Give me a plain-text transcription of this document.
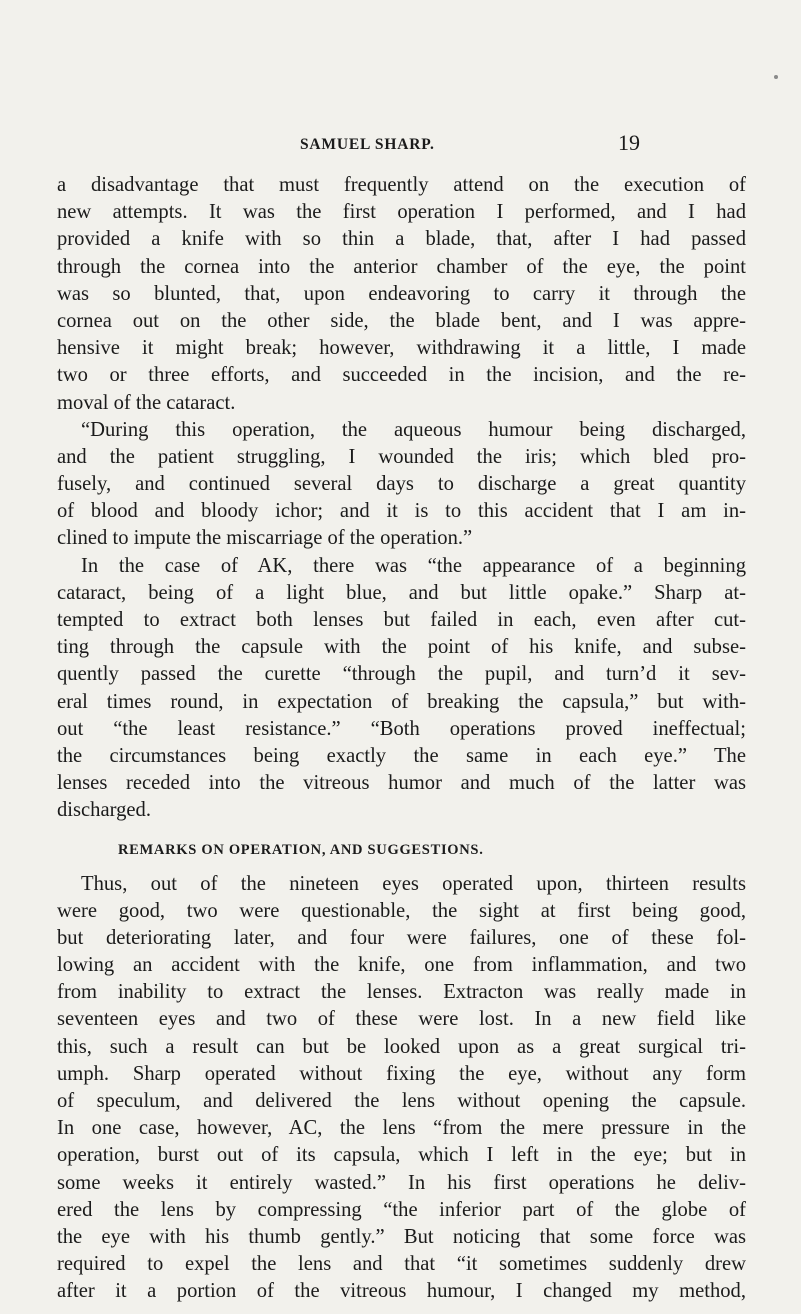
SAMUEL SHARP.	19
a disadvantage that must frequently attend on the execution of
new attempts. It was the first operation I performed, and I had
provided a knife with so thin a blade, that, after I had passed
through the cornea into the anterior chamber of the eye, the point
was so blunted, that, upon endeavoring to carry it through the
cornea out on the other side, the blade bent, and I was appre-
hensive it might break; however, withdrawing it a little, I made
two or three efforts, and succeeded in the incision, and the re-
moval of the cataract.
“During this operation, the aqueous humour being discharged,
and the patient struggling, I wounded the iris; which bled pro-
fusely, and continued several days to discharge a great quantity
of blood and bloody ichor; and it is to this accident that I am in-
clined to impute the miscarriage of the operation.”
In the case of AK, there was “the appearance of a beginning
cataract, being of a light blue, and but little opake.” Sharp at-
tempted to extract both lenses but failed in each, even after cut-
ting through the capsule with the point of his knife, and subse-
quently passed the curette “through the pupil, and turn’d it sev-
eral times round, in expectation of breaking the capsula,” but with-
out “the least resistance.” “Both operations proved ineffectual;
the circumstances being exactly the same in each eye.” The
lenses receded into the vitreous humor and much of the latter was
discharged.
REMARKS ON OPERATION, AND SUGGESTIONS.
Thus, out of the nineteen eyes operated upon, thirteen results
were good, two were questionable, the sight at first being good,
but deteriorating later, and four were failures, one of these fol-
lowing an accident with the knife, one from inflammation, and two
from inability to extract the lenses. Extracton was really made in
seventeen eyes and two of these were lost. In a new field like
this, such a result can but be looked upon as a great surgical tri-
umph. Sharp operated without fixing the eye, without any form
of speculum, and delivered the lens without opening the capsule.
In one case, however, AC, the lens “from the mere pressure in the
operation, burst out of its capsula, which I left in the eye; but in
some weeks it entirely wasted.” In his first operations he deliv-
ered the lens by compressing “the inferior part of the globe of
the eye with his thumb gently.” But noticing that some force was
required to expel the lens and that “it sometimes suddenly drew
after it a portion of the vitreous humour, I changed my method,
